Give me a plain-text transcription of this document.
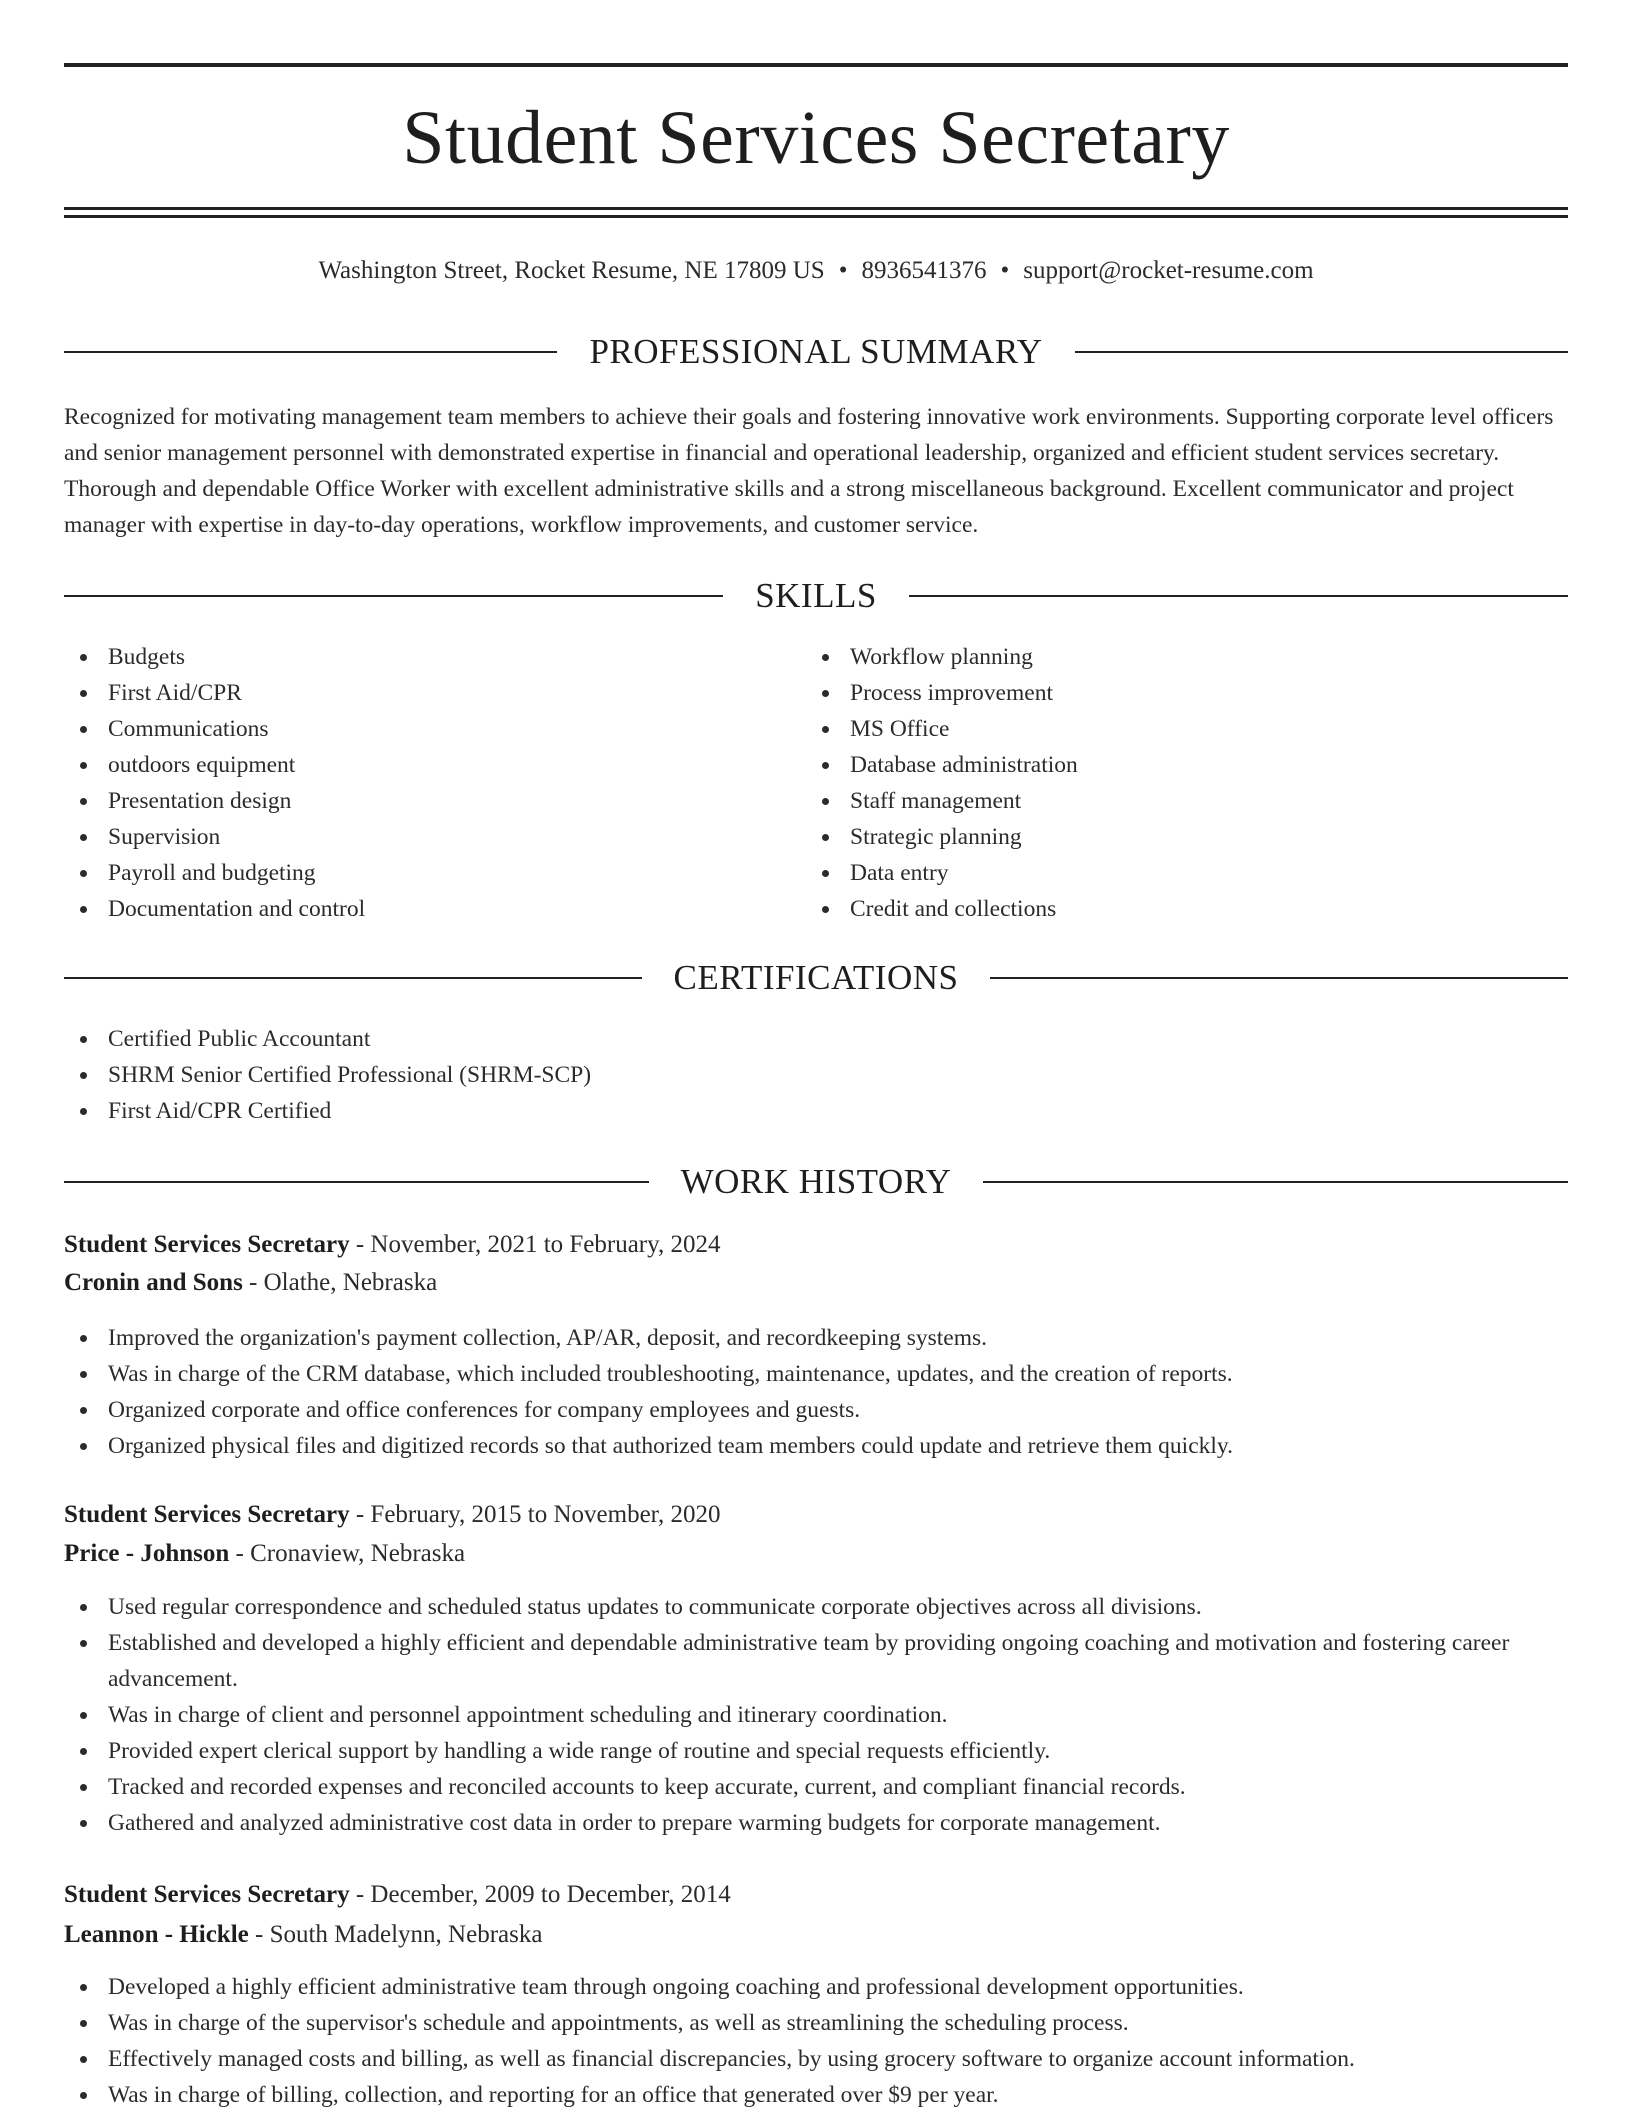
Student Services Secretary
Washington Street, Rocket Resume, NE 17809 US • 8936541376 • support@rocket-resume.com
PROFESSIONAL SUMMARY

Recognized for motivating management team members to achieve their goals and fostering innovative work environments. Supporting corporate level officers and senior management personnel with demonstrated expertise in financial and operational leadership, organized and efficient student services secretary. Thorough and dependable Office Worker with excellent administrative skills and a strong miscellaneous background. Excellent communicator and project manager with expertise in day-to-day operations, workflow improvements, and customer service.

SKILLS
Budgets
First Aid/CPR
Communications
outdoors equipment
Presentation design
Supervision
Payroll and budgeting
Documentation and control
Workflow planning
Process improvement
MS Office
Database administration
Staff management
Strategic planning
Data entry
Credit and collections
CERTIFICATIONS
Certified Public Accountant
SHRM Senior Certified Professional (SHRM-SCP)
First Aid/CPR Certified
WORK HISTORY
Student Services Secretary - November, 2021 to February, 2024
Cronin and Sons - Olathe, Nebraska
Improved the organization's payment collection, AP/AR, deposit, and recordkeeping systems.
Was in charge of the CRM database, which included troubleshooting, maintenance, updates, and the creation of reports.
Organized corporate and office conferences for company employees and guests.
Organized physical files and digitized records so that authorized team members could update and retrieve them quickly.
Student Services Secretary - February, 2015 to November, 2020
Price - Johnson - Cronaview, Nebraska
Used regular correspondence and scheduled status updates to communicate corporate objectives across all divisions.
Established and developed a highly efficient and dependable administrative team by providing ongoing coaching and motivation and fostering career advancement.
Was in charge of client and personnel appointment scheduling and itinerary coordination.
Provided expert clerical support by handling a wide range of routine and special requests efficiently.
Tracked and recorded expenses and reconciled accounts to keep accurate, current, and compliant financial records.
Gathered and analyzed administrative cost data in order to prepare warming budgets for corporate management.
Student Services Secretary - December, 2009 to December, 2014
Leannon - Hickle - South Madelynn, Nebraska
Developed a highly efficient administrative team through ongoing coaching and professional development opportunities.
Was in charge of the supervisor's schedule and appointments, as well as streamlining the scheduling process.
Effectively managed costs and billing, as well as financial discrepancies, by using grocery software to organize account information.
Was in charge of billing, collection, and reporting for an office that generated over $9 per year.
